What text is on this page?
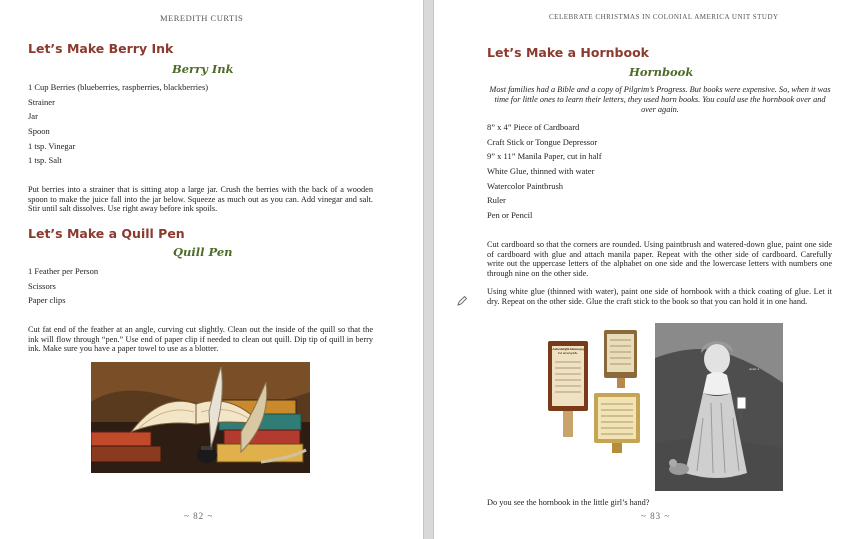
MEREDITH CURTIS
Let’s Make Berry Ink
Berry Ink
1 Cup Berries (blueberries, raspberries, blackberries)
Strainer
Jar
Spoon
1 tsp. Vinegar
1 tsp. Salt

Put berries into a strainer that is sitting atop a large jar. Crush the berries with the back of a wooden spoon to make the juice fall into the jar below. Squeeze as much out as you can. Add vinegar and salt. Stir until salt dissolves. Use right away before ink spoils.

Let’s Make a Quill Pen
Quill Pen
1 Feather per Person
Scissors
Paper clips

Cut fat end of the feather at an angle, curving cut slightly. Clean out the inside of the quill so that the ink will flow through “pen.” Use end of paper clip if needed to clean out quill. Dip tip of quill in berry ink. Make sure you have a paper towel to use as a blotter.

~ 82 ~
CELEBRATE CHRISTMAS IN COLONIAL AMERICA UNIT STUDY
Let’s Make a Hornbook
Hornbook

Most families had a Bible and a copy of Pilgrim’s Progress. But books were expensive. So, when it was time for little ones to learn their letters, they used horn books. You could use the hornbook over and over again.

8” x 4” Piece of Cardboard
Craft Stick or Tongue Depressor
9” x 11” Manila Paper, cut in half
White Glue, thinned with water
Watercolor Paintbrush
Ruler
Pen or Pencil

Cut cardboard so that the corners are rounded. Using paintbrush and watered-down glue, paint one side of cardboard with glue and attach manila paper. Repeat with the other side of cardboard. Carefully write out the uppercase letters of the alphabet on one side and the lowercase letters with numbers one through nine on the other side.

Using white glue (thinned with water), paint one side of hornbook with a thick coating of glue. Let it dry. Repeat on the other side. Glue the craft stick to the book so that you can hold it in one hand.

Aabcdefghi klmnopqrst uvwxyz&.
Aetat 4

Do you see the hornbook in the little girl’s hand?

~ 83 ~
